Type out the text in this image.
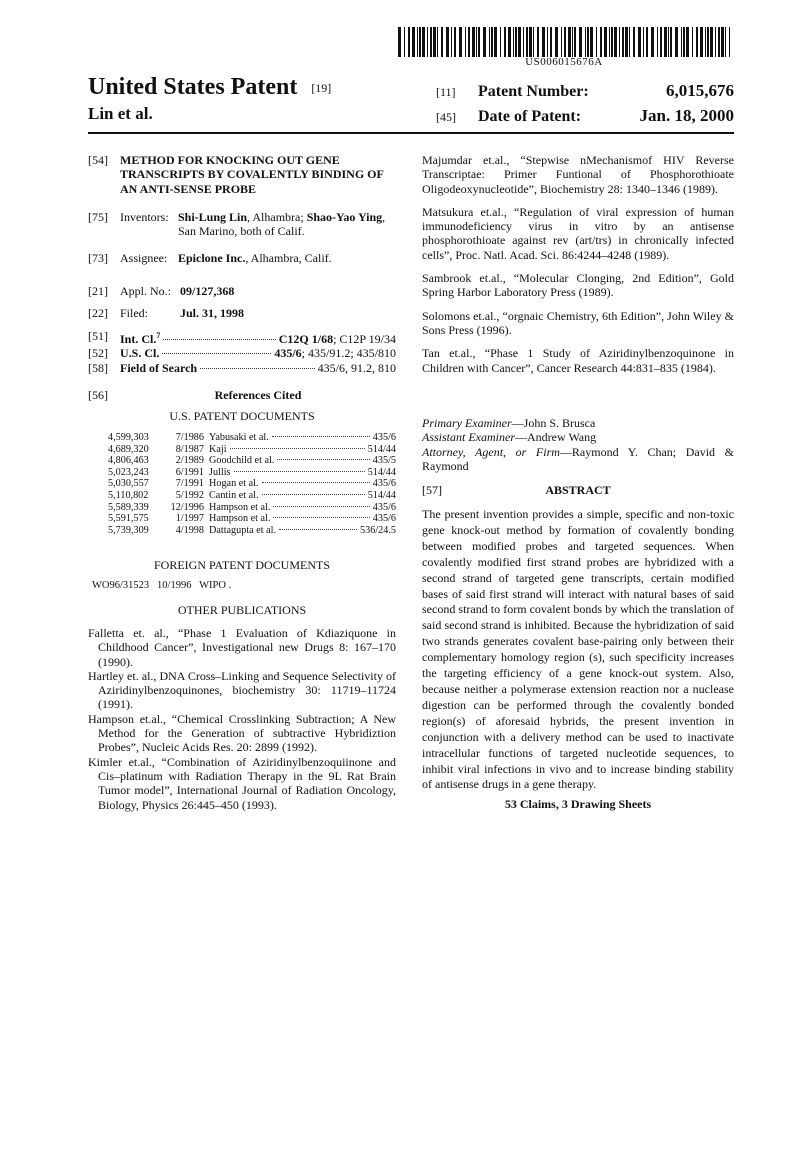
US006015676A
United States Patent [19]
Lin et al.
[11]	Patent Number:	6,015,676
[45]	Date of Patent:	Jan. 18, 2000
[54]	METHOD FOR KNOCKING OUT GENE TRANSCRIPTS BY COVALENTLY BINDING OF AN ANTI-SENSE PROBE
[75]	Inventors: Shi-Lung Lin, Alhambra; Shao-Yao Ying, San Marino, both of Calif.
[73]	Assignee: Epiclone Inc., Alhambra, Calif.
[21]	Appl. No.: 09/127,368
[22]	Filed:	Jul. 31, 1998
[51]	Int. Cl.$^7$	C12Q 1/68; C12P 19/34
[52]	U.S. Cl.	435/6; 435/91.2; 435/810
[58]	Field of Search	435/6, 91.2, 810
[56]	References Cited
U.S. PATENT DOCUMENTS
4,599,303	7/1986 Yabusaki et al.	435/6
4,689,320	8/1987 Kaji	514/44
4,806,463	2/1989 Goodchild et al.	435/5
5,023,243	6/1991 Jullis	514/44
5,030,557	7/1991 Hogan et al.	435/6
5,110,802	5/1992 Cantin et al.	514/44
5,589,339	12/1996 Hampson et al.	435/6
5,591,575	1/1997 Hampson et al.	435/6
5,739,309	4/1998 Dattagupta et al.	536/24.5
FOREIGN PATENT DOCUMENTS
WO96/31523   10/1996   WIPO .
OTHER PUBLICATIONS

Falletta et. al., “Phase 1 Evaluation of Kdiaziquone in Childhood Cancer”, Investigational new Drugs 8: 167–170 (1990).

Hartley et. al., DNA Cross–Linking and Sequence Selectivity of Aziridinylbenzoquinones, biochemistry 30: 11719–11724 (1991).

Hampson et.al., “Chemical Crosslinking Subtraction; A New Method for the Generation of subtractive Hybridiztion Probes”, Nucleic Acids Res. 20: 2899 (1992).

Kimler et.al., “Combination of Aziridinylbenzoquiinone and Cis–platinum with Radiation Therapy in the 9L Rat Brain Tumor model”, International Journal of Radiation Oncology, Biology, Physics 26:445–450 (1993).

Majumdar et.al., “Stepwise nMechanismof HIV Reverse Transcriptae: Primer Funtional of Phosphorothioate Oligodeoxynucleotide”, Biochemistry 28: 1340–1346 (1989).

Matsukura et.al., “Regulation of viral expression of human immunodeficiency virus in vitro by an antisense phosphorothioate against rev (art/trs) in chronically infected cells”, Proc. Natl. Acad. Sci. 86:4244–4248 (1989).

Sambrook et.al., “Molecular Clonging, 2nd Edition”, Gold Spring Harbor Laboratory Press (1989).

Solomons et.al., “orgnaic Chemistry, 6th Edition”, John Wiley & Sons Press (1996).

Tan et.al., “Phase 1 Study of Aziridinylbenzoquinone in Children with Cancer”, Cancer Research 44:831–835 (1984).

Primary Examiner—John S. Brusca
Assistant Examiner—Andrew Wang
Attorney, Agent, or Firm—Raymond Y. Chan; David & Raymond
[57]	ABSTRACT

The present invention provides a simple, specific and non-toxic gene knock-out method by formation of covalently bonding between modified probes and targeted sequences. When covalently modified first strand probes are hybridized with a second strand of targeted gene transcripts, certain modified bases of said first strand will interact with natural bases of said second strand to form covalent bonds by which the translation of said second strand is inhibited. Because the hybridization of said two strands generates covalent base-pairing only between their complementary homology region (s), such specificity increases the targeting efficiency of a gene knock-out system. Also, because neither a polymerase extension reaction nor a nuclease digestion can be performed through the covalently bonded region(s) of aforesaid hybrids, the present invention in conjunction with a delivery method can be used to inactivate intracellular functions of targeted nucleotide sequences, to inhibit viral infections in vivo and to increase binding stability of antisense drugs in a gene therapy.

53 Claims, 3 Drawing Sheets
